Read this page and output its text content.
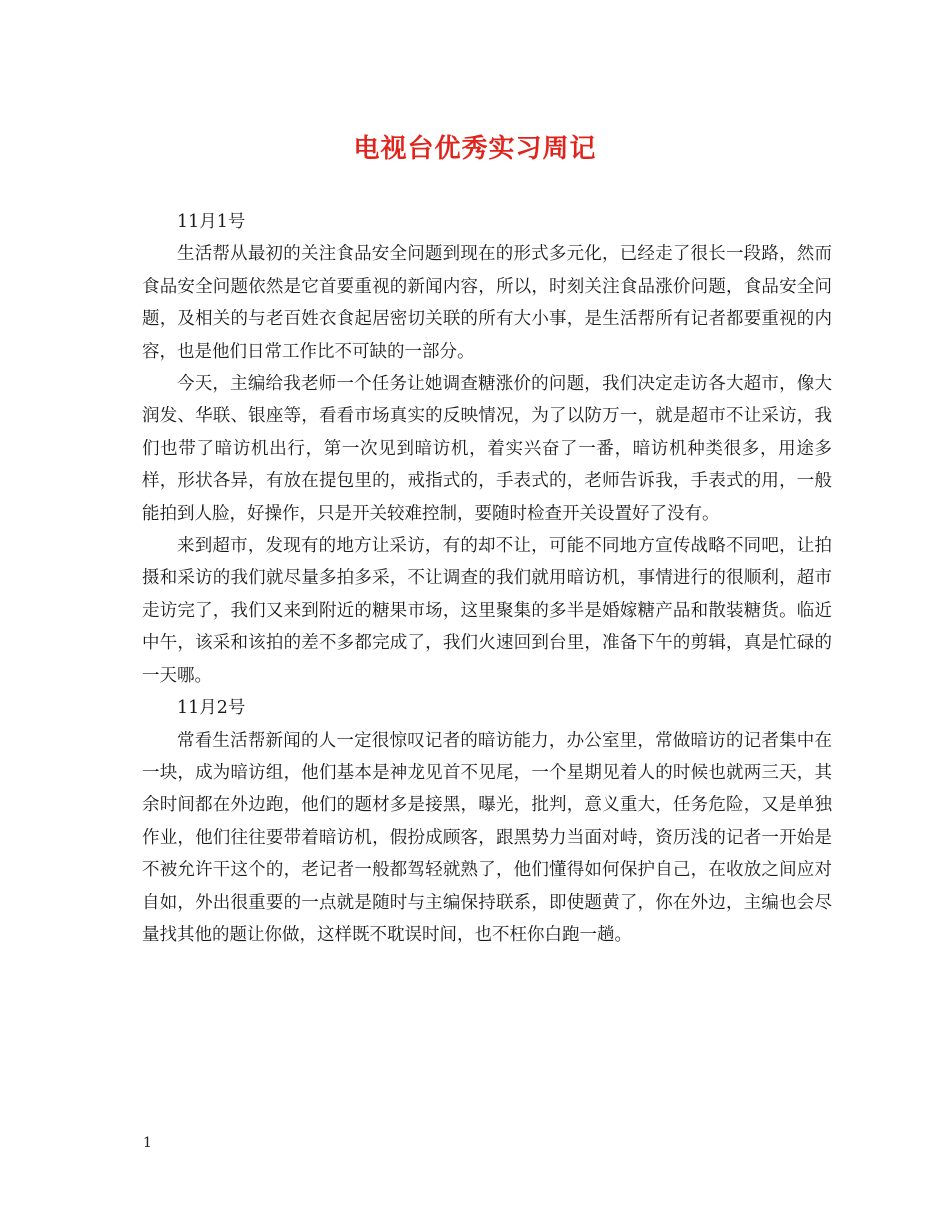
电视台优秀实习周记

11月1号

生活帮从最初的关注食品安全问题到现在的形式多元化，已经走了很长一段路，然而食品安全问题依然是它首要重视的新闻内容，所以，时刻关注食品涨价问题，食品安全问题，及相关的与老百姓衣食起居密切关联的所有大小事，是生活帮所有记者都要重视的内容，也是他们日常工作比不可缺的一部分。

今天，主编给我老师一个任务让她调查糖涨价的问题，我们决定走访各大超市，像大润发、华联、银座等，看看市场真实的反映情况，为了以防万一，就是超市不让采访，我们也带了暗访机出行，第一次见到暗访机，着实兴奋了一番，暗访机种类很多，用途多样，形状各异，有放在提包里的，戒指式的，手表式的，老师告诉我，手表式的用，一般能拍到人脸，好操作，只是开关较难控制，要随时检查开关设置好了没有。

来到超市，发现有的地方让采访，有的却不让，可能不同地方宣传战略不同吧，让拍摄和采访的我们就尽量多拍多采，不让调查的我们就用暗访机，事情进行的很顺利，超市走访完了，我们又来到附近的糖果市场，这里聚集的多半是婚嫁糖产品和散装糖货。临近中午，该采和该拍的差不多都完成了，我们火速回到台里，准备下午的剪辑，真是忙碌的一天哪。

11月2号

常看生活帮新闻的人一定很惊叹记者的暗访能力，办公室里，常做暗访的记者集中在一块，成为暗访组，他们基本是神龙见首不见尾，一个星期见着人的时候也就两三天，其余时间都在外边跑，他们的题材多是接黑，曝光，批判，意义重大，任务危险，又是单独作业，他们往往要带着暗访机，假扮成顾客，跟黑势力当面对峙，资历浅的记者一开始是不被允许干这个的，老记者一般都驾轻就熟了，他们懂得如何保护自己，在收放之间应对自如，外出很重要的一点就是随时与主编保持联系，即使题黄了，你在外边，主编也会尽量找其他的题让你做，这样既不耽误时间，也不枉你白跑一趟。

1
